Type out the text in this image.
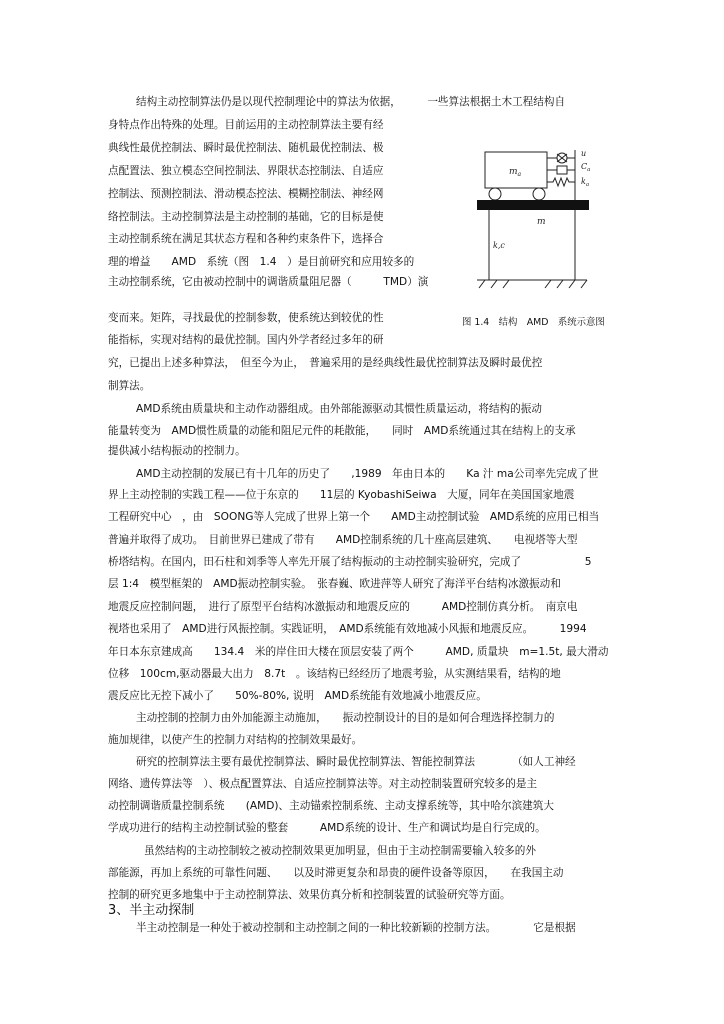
结构主动控制算法仍是以现代控制理论中的算法为依据，　　　一些算法根据土木工程结构自

身特点作出特殊的处理。目前运用的主动控制算法主要有经

典线性最优控制法、瞬时最优控制法、随机最优控制法、极

点配置法、独立模态空间控制法、界限状态控制法、自适应

控制法、预测控制法、滑动模态控法、模糊控制法、神经网

络控制法。主动控制算法是主动控制的基础，它的目标是使

主动控制系统在满足其状态方程和各种约束条件下，选择合

理的增益　　AMD　系统（图　1.4　）是目前研究和应用较多的

主动控制系统，它由被动控制中的调谐质量阻尼器（　　　TMD）演

变而来。矩阵，寻找最优的控制参数，使系统达到较优的性

能指标，实现对结构的最优控制。国内外学者经过多年的研

究，已提出上述多种算法，　但至今为止，　普遍采用的是经典线性最优控制算法及瞬时最优控

制算法。

AMD系统由质量块和主动作动器组成。由外部能源驱动其惯性质量运动，将结构的振动

能量转变为　AMD惯性质量的动能和阻尼元件的耗散能，　　同时　AMD系统通过其在结构上的支承

提供减小结构振动的控制力。

AMD主动控制的发展已有十几年的历史了　　,1989　年由日本的　　Ka 汁 ma公司率先完成了世

界上主动控制的实践工程——位于东京的　　11层的 KyobashiSeiwa　大厦，同年在美国国家地震

工程研究中心　，由　SOONG等人完成了世界上第一个　　AMD主动控制试验　AMD系统的应用已相当

普遍并取得了成功。　目前世界已建成了带有　　AMD控制系统的几十座高层建筑、　　电视塔等大型

桥塔结构。在国内，田石柱和刘季等人率先开展了结构振动的主动控制实验研究，完成了　　　　　　5

层 1:4　模型框架的　AMD振动控制实验。　张春巍、欧进萍等人研究了海洋平台结构冰激振动和

地震反应控制问题，　进行了原型平台结构冰激振动和地震反应的　　　AMD控制仿真分析。　南京电

视塔也采用了　AMD进行风振控制。实践证明，　AMD系统能有效地减小风振和地震反应。　　　1994

年日本东京建成高　　134.4　米的岸住田大楼在顶层安装了两个　　　AMD, 质量块　m=1.5t, 最大滑动

位移　100cm,驱动器最大出力　8.7t　。该结构已经经历了地震考验，从实测结果看，结构的地

震反应比无控下减小了　　50%-80%, 说明　AMD系统能有效地减小地震反应。

主动控制的控制力由外加能源主动施加，　　振动控制设计的目的是如何合理选择控制力的

施加规律，以使产生的控制力对结构的控制效果最好。

研究的控制算法主要有最优控制算法、瞬时最优控制算法、智能控制算法　　　　（如人工神经

网络、遗传算法等　）、极点配置算法、自适应控制算法等。对主动控制装置研究较多的是主

动控制调谐质量控制系统　　(AMD)、主动锚索控制系统、主动支撑系统等，其中哈尔滨建筑大

学成功进行的结构主动控制试验的整套　　　AMD系统的设计、生产和调试均是自行完成的。

虽然结构的主动控制较之被动控制效果更加明显，但由于主动控制需要输入较多的外

部能源，再加上系统的可靠性问题、　　以及时滞更复杂和昂贵的硬件设备等原因，　　在我国主动

控制的研究更多地集中于主动控制算法、效果仿真分析和控制装置的试验研究等方面。

3、半主动探制

半主动控制是一种处于被动控制和主动控制之间的一种比较新颖的控制方法。　　　　它是根据

$m_a$
m
k,c
u
$C_a$
$k_a$

图 1.4　结构　AMD　系统示意图
